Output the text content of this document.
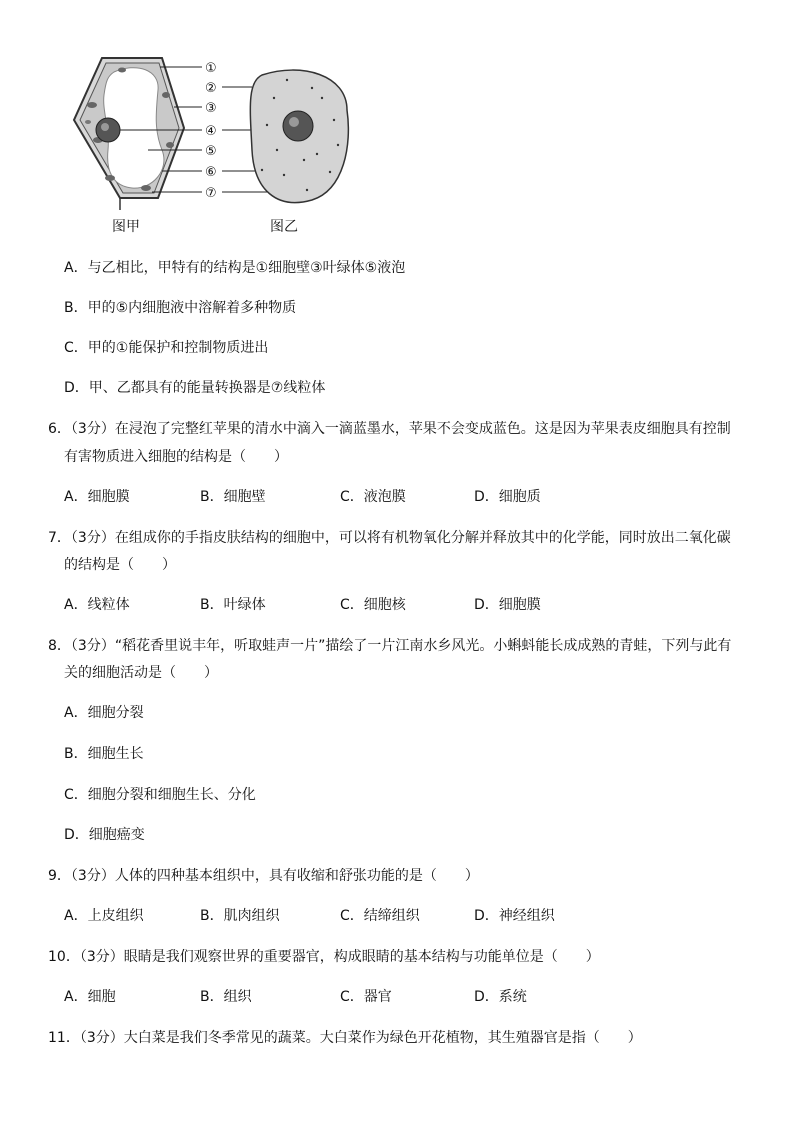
①
②
③
④
⑤
⑥
⑦
图甲	图乙
A．与乙相比，甲特有的结构是①细胞壁③叶绿体⑤液泡
B．甲的⑤内细胞液中溶解着多种物质
C．甲的①能保护和控制物质进出
D．甲、乙都具有的能量转换器是⑦线粒体
6．（3分）在浸泡了完整红苹果的清水中滴入一滴蓝墨水，苹果不会变成蓝色。这是因为苹果表皮细胞具有控制
有害物质进入细胞的结构是（　　）
A．细胞膜	B．细胞壁	C．液泡膜	D．细胞质
7．（3分）在组成你的手指皮肤结构的细胞中，可以将有机物氧化分解并释放其中的化学能，同时放出二氧化碳
的结构是（　　）
A．线粒体	B．叶绿体	C．细胞核	D．细胞膜
8．（3分）“稻花香里说丰年，听取蛙声一片”描绘了一片江南水乡风光。小蝌蚪能长成成熟的青蛙，下列与此有
关的细胞活动是（　　）
A．细胞分裂
B．细胞生长
C．细胞分裂和细胞生长、分化
D．细胞癌变
9．（3分）人体的四种基本组织中，具有收缩和舒张功能的是（　　）
A．上皮组织	B．肌肉组织	C．结缔组织	D．神经组织
10．（3分）眼睛是我们观察世界的重要器官，构成眼睛的基本结构与功能单位是（　　）
A．细胞	B．组织	C．器官	D．系统
11．（3分）大白菜是我们冬季常见的蔬菜。大白菜作为绿色开花植物，其生殖器官是指（　　）
